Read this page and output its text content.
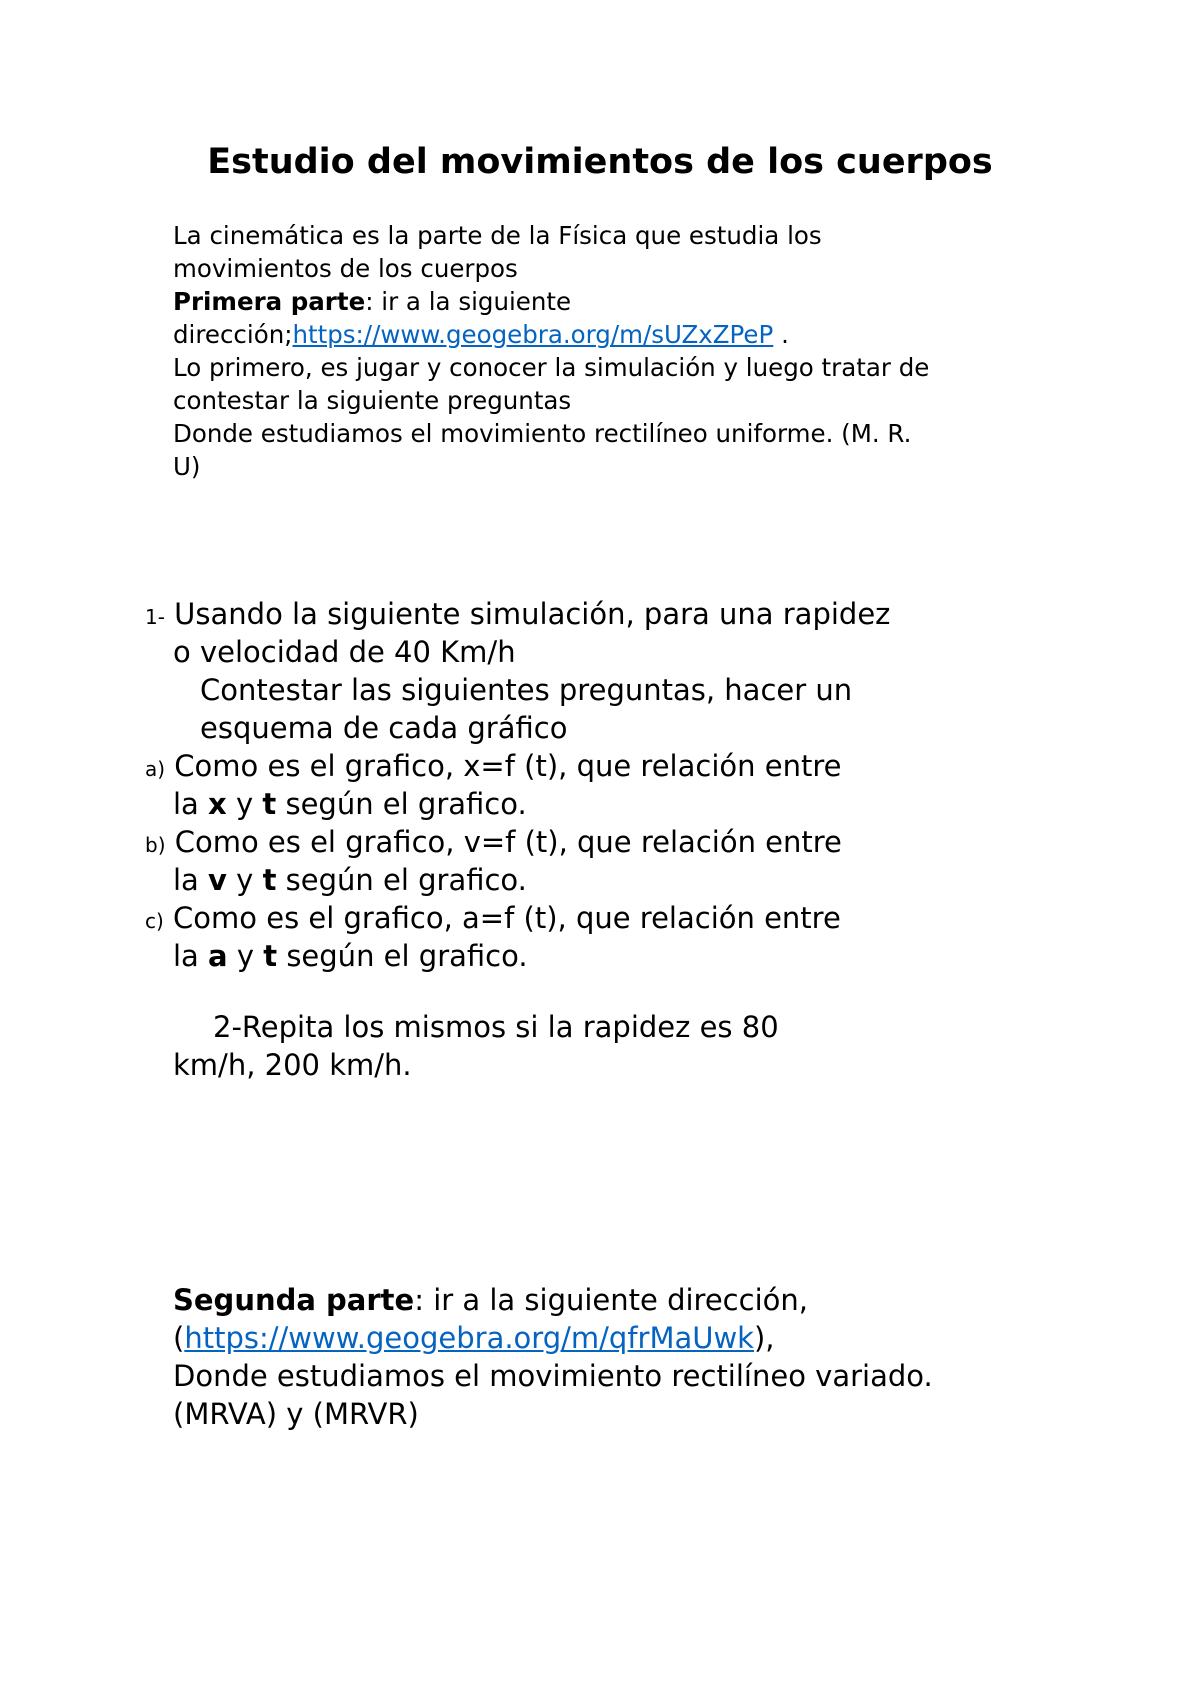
Estudio del movimientos de los cuerpos
La cinemática es la parte de la Física que estudia los
movimientos de los cuerpos
Primera parte: ir a la siguiente
dirección;https://www.geogebra.org/m/sUZxZPeP .
Lo primero, es jugar y conocer la simulación y luego tratar de
contestar la siguiente preguntas
Donde estudiamos el movimiento rectilíneo uniforme. (M. R.
U)
1- Usando la siguiente simulación, para una rapidez
o velocidad de 40 Km/h
Contestar las siguientes preguntas, hacer un
esquema de cada gráfico
a) Como es el grafico, x=f (t), que relación entre
la x y t según el grafico.
b) Como es el grafico, v=f (t), que relación entre
la v y t según el grafico.
c) Como es el grafico, a=f (t), que relación entre
la a y t según el grafico.
2-Repita los mismos si la rapidez es 80
km/h, 200 km/h.
Segunda parte: ir a la siguiente dirección,
(https://www.geogebra.org/m/qfrMaUwk),
Donde estudiamos el movimiento rectilíneo variado.
(MRVA) y (MRVR)
